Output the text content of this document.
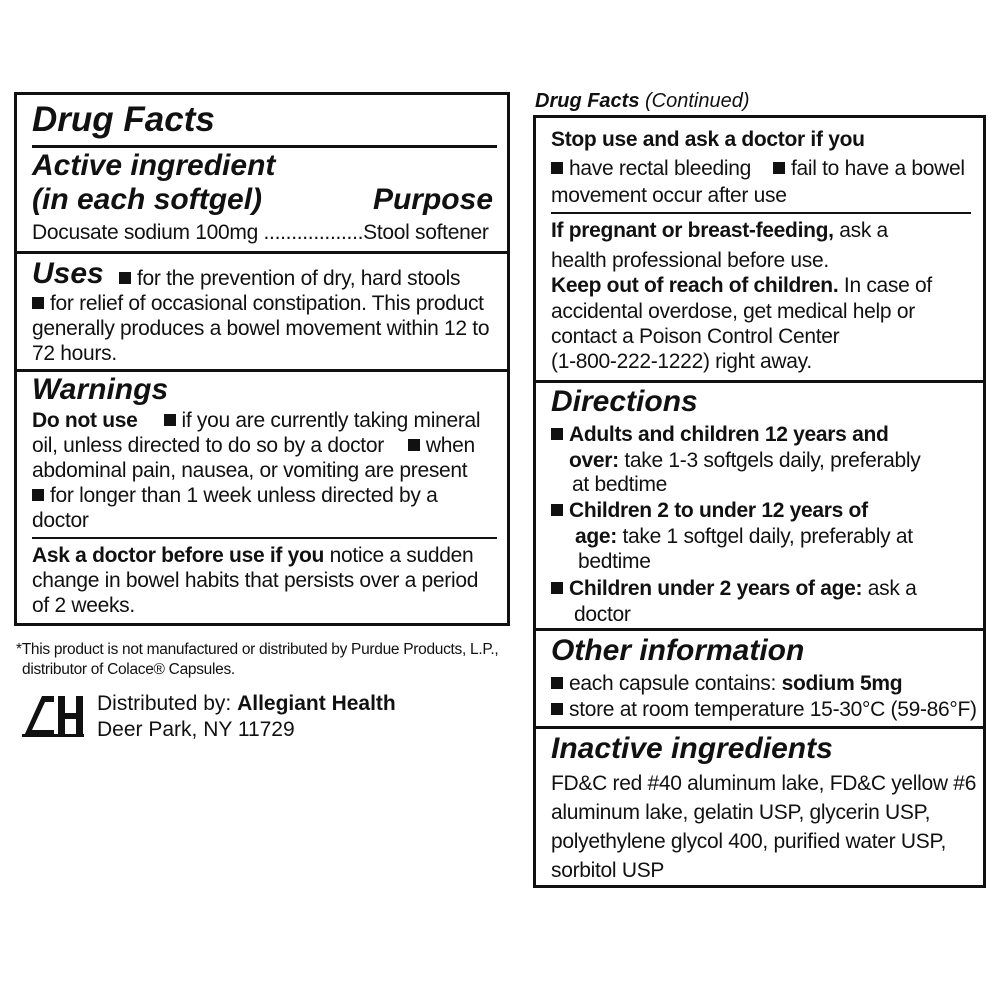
Drug Facts
Active ingredient
(in each softgel)	Purpose
Docusate sodium 100mg ..................Stool softener
Uses	for the prevention of dry, hard stools
for relief of occasional constipation. This product
generally produces a bowel movement within 12 to
72 hours.
Warnings
Do not use if you are currently taking mineral
oil, unless directed to do so by a doctor when
abdominal pain, nausea, or vomiting are present
for longer than 1 week unless directed by a
doctor
Ask a doctor before use if you notice a sudden
change in bowel habits that persists over a period
of 2 weeks.
*This product is not manufactured or distributed by Purdue Products, L.P.,
distributor of Colace® Capsules.
Distributed by: Allegiant Health
Deer Park, NY 11729
Drug Facts (Continued)
Stop use and ask a doctor if you
have rectal bleeding fail to have a bowel
movement occur after use
If pregnant or breast-feeding, ask a
health professional before use.
Keep out of reach of children. In case of
accidental overdose, get medical help or
contact a Poison Control Center
(1-800-222-1222) right away.
Directions
Adults and children 12 years and
over: take 1-3 softgels daily, preferably
at bedtime
Children 2 to under 12 years of
age: take 1 softgel daily, preferably at
bedtime
Children under 2 years of age: ask a
doctor
Other information
each capsule contains: sodium 5mg
store at room temperature 15-30°C (59-86°F)
Inactive ingredients
FD&C red #40 aluminum lake, FD&C yellow #6
aluminum lake, gelatin USP, glycerin USP,
polyethylene glycol 400, purified water USP,
sorbitol USP
